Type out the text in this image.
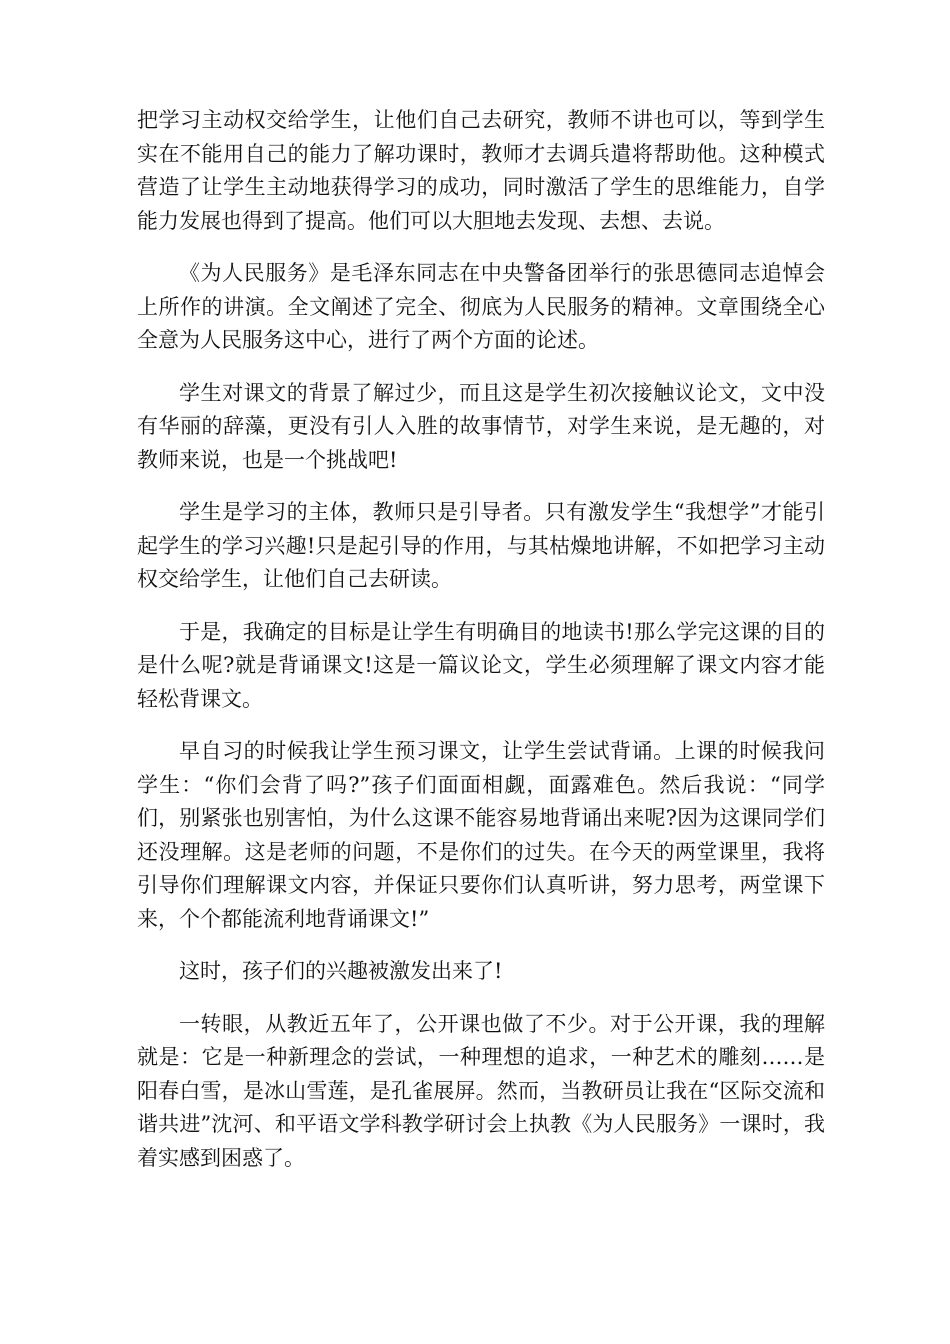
把学习主动权交给学生，让他们自己去研究，教师不讲也可以，等到学生实在不能用自己的能力了解功课时，教师才去调兵遣将帮助他。这种模式营造了让学生主动地获得学习的成功，同时激活了学生的思维能力，自学能力发展也得到了提高。他们可以大胆地去发现、去想、去说。

《为人民服务》是毛泽东同志在中央警备团举行的张思德同志追悼会上所作的讲演。全文阐述了完全、彻底为人民服务的精神。文章围绕全心全意为人民服务这中心，进行了两个方面的论述。

学生对课文的背景了解过少，而且这是学生初次接触议论文，文中没有华丽的辞藻，更没有引人入胜的故事情节，对学生来说，是无趣的，对教师来说，也是一个挑战吧!

学生是学习的主体，教师只是引导者。只有激发学生“我想学”才能引起学生的学习兴趣!只是起引导的作用，与其枯燥地讲解，不如把学习主动权交给学生，让他们自己去研读。

于是，我确定的目标是让学生有明确目的地读书!那么学完这课的目的是什么呢?就是背诵课文!这是一篇议论文，学生必须理解了课文内容才能轻松背课文。

早自习的时候我让学生预习课文，让学生尝试背诵。上课的时候我问学生：“你们会背了吗?”孩子们面面相觑，面露难色。然后我说：“同学们，别紧张也别害怕，为什么这课不能容易地背诵出来呢?因为这课同学们还没理解。这是老师的问题，不是你们的过失。在今天的两堂课里，我将引导你们理解课文内容，并保证只要你们认真听讲，努力思考，两堂课下来，个个都能流利地背诵课文!”

这时，孩子们的兴趣被激发出来了!

一转眼，从教近五年了，公开课也做了不少。对于公开课，我的理解就是：它是一种新理念的尝试，一种理想的追求，一种艺术的雕刻……是阳春白雪，是冰山雪莲，是孔雀展屏。然而，当教研员让我在“区际交流和谐共进”沈河、和平语文学科教学研讨会上执教《为人民服务》一课时，我着实感到困惑了。
